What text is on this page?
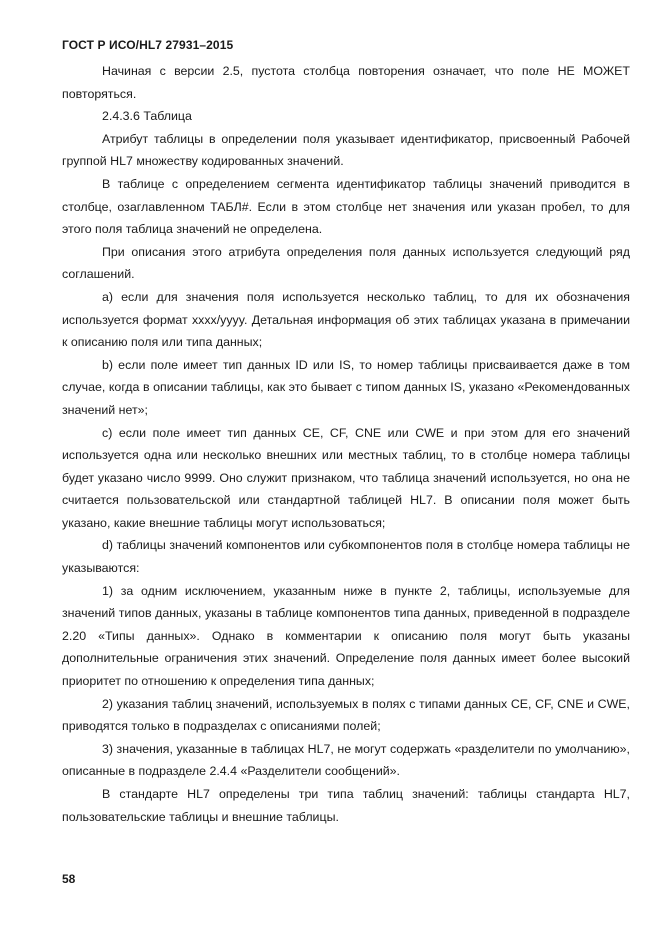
ГОСТ Р ИСО/HL7 27931–2015

Начиная с версии 2.5, пустота столбца повторения означает, что поле НЕ МОЖЕТ повторяться.

2.4.3.6 Таблица

Атрибут таблицы в определении поля указывает идентификатор, присвоенный Рабочей группой HL7 множеству кодированных значений.

В таблице с определением сегмента идентификатор таблицы значений приводится в столбце, озаглавленном ТАБЛ#. Если в этом столбце нет значения или указан пробел, то для этого поля таблица значений не определена.

При описания этого атрибута определения поля данных используется следующий ряд соглашений.

a) если для значения поля используется несколько таблиц, то для их обозначения используется формат xxxx/yyyy. Детальная информация об этих таблицах указана в примечании к описанию поля или типа данных;

b) если поле имеет тип данных ID или IS, то номер таблицы присваивается даже в том случае, когда в описании таблицы, как это бывает с типом данных IS, указано «Рекомендованных значений нет»;

c) если поле имеет тип данных CE, CF, CNE или CWE и при этом для его значений используется одна или несколько внешних или местных таблиц, то в столбце номера таблицы будет указано число 9999. Оно служит признаком, что таблица значений используется, но она не считается пользовательской или стандартной таблицей HL7. В описании поля может быть указано, какие внешние таблицы могут использоваться;

d) таблицы значений компонентов или субкомпонентов поля в столбце номера таблицы не указываются:

1) за одним исключением, указанным ниже в пункте 2, таблицы, используемые для значений типов данных, указаны в таблице компонентов типа данных, приведенной в подразделе 2.20 «Типы данных». Однако в комментарии к описанию поля могут быть указаны дополнительные ограничения этих значений. Определение поля данных имеет более высокий приоритет по отношению к определения типа данных;

2) указания таблиц значений, используемых в полях с типами данных CE, CF, CNE и CWE, приводятся только в подразделах с описаниями полей;

3) значения, указанные в таблицах HL7, не могут содержать «разделители по умолчанию», описанные в подразделе 2.4.4 «Разделители сообщений».

В стандарте HL7 определены три типа таблиц значений: таблицы стандарта HL7, пользовательские таблицы и внешние таблицы.

58
